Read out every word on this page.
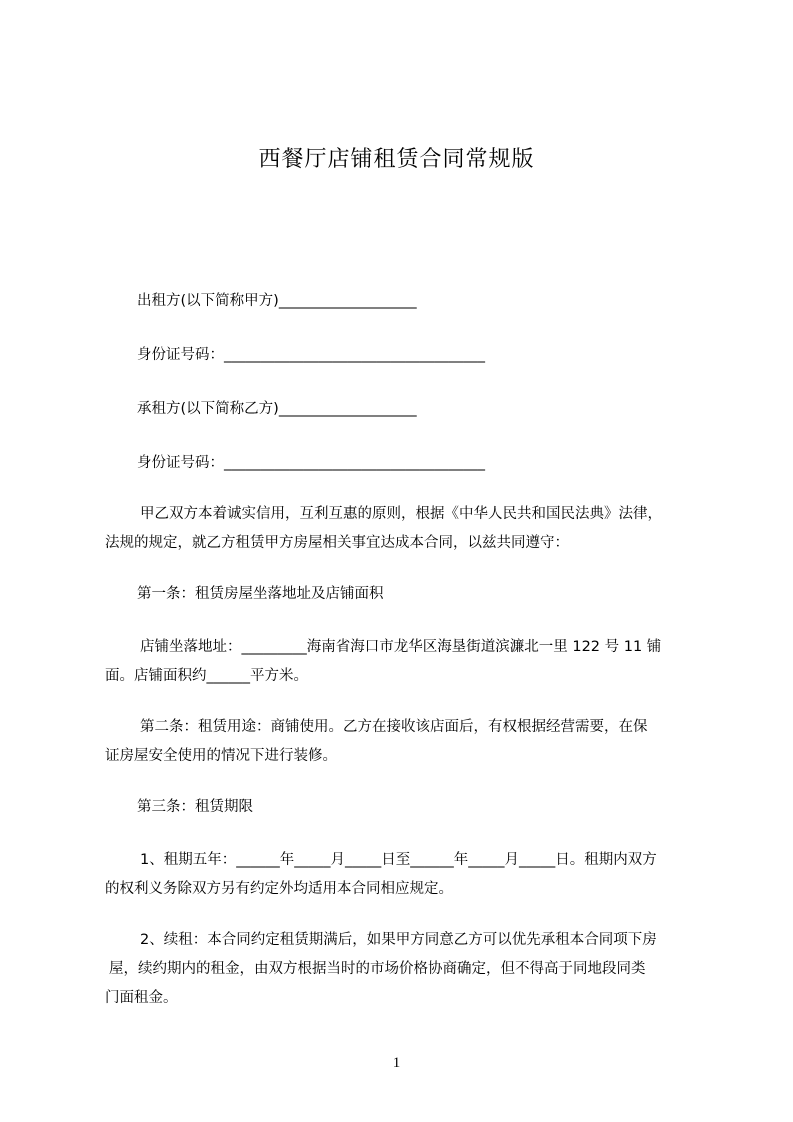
西餐厅店铺租赁合同常规版

出租方(以下简称甲方)___________________

身份证号码：____________________________________

承租方(以下简称乙方)___________________

身份证号码：____________________________________

甲乙双方本着诚实信用，互利互惠的原则，根据《中华人民共和国民法典》法律，
法规的规定，就乙方租赁甲方房屋相关事宜达成本合同，以兹共同遵守：

第一条：租赁房屋坐落地址及店铺面积

店铺坐落地址：_________海南省海口市龙华区海垦街道滨濂北一里 122 号 11 铺
面。店铺面积约______平方米。
第二条：租赁用途：商铺使用。乙方在接收该店面后，有权根据经营需要，在保
证房屋安全使用的情况下进行装修。

第三条：租赁期限

1、租期五年：______年_____月_____日至______年_____月_____日。租期内双方
的权利义务除双方另有约定外均适用本合同相应规定。
2、续租：本合同约定租赁期满后，如果甲方同意乙方可以优先承租本合同项下房
屋，续约期内的租金，由双方根据当时的市场价格协商确定，但不得高于同地段同类
门面租金。
1
